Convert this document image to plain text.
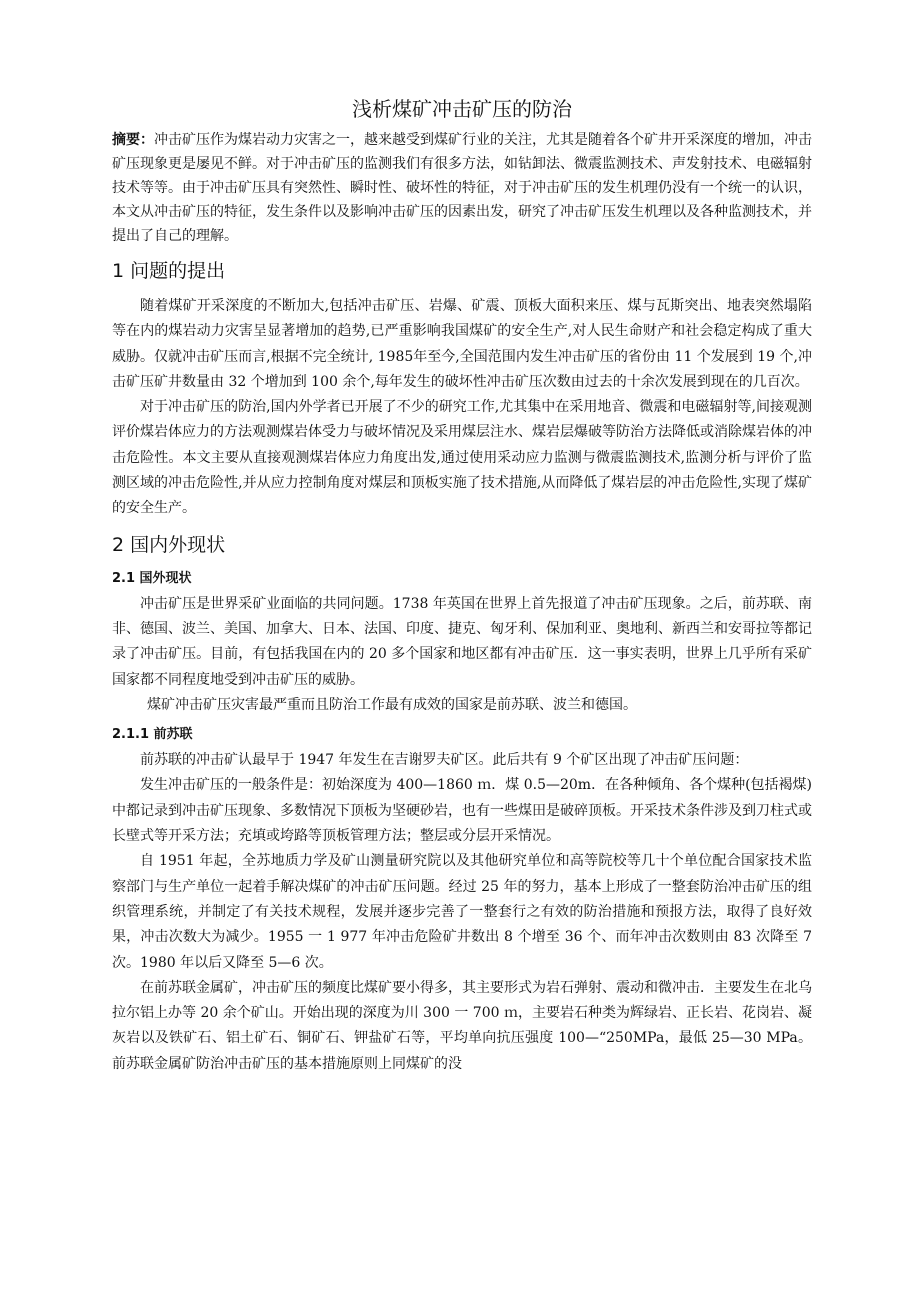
浅析煤矿冲击矿压的防治

摘要：冲击矿压作为煤岩动力灾害之一，越来越受到煤矿行业的关注，尤其是随着各个矿井开采深度的增加，冲击矿压现象更是屡见不鲜。对于冲击矿压的监测我们有很多方法，如钻卸法、微震监测技术、声发射技术、电磁辐射技术等等。由于冲击矿压具有突然性、瞬时性、破坏性的特征，对于冲击矿压的发生机理仍没有一个统一的认识，本文从冲击矿压的特征，发生条件以及影响冲击矿压的因素出发，研究了冲击矿压发生机理以及各种监测技术，并提出了自己的理解。

1 问题的提出

随着煤矿开采深度的不断加大,包括冲击矿压、岩爆、矿震、顶板大面积来压、煤与瓦斯突出、地表突然塌陷等在内的煤岩动力灾害呈显著增加的趋势,已严重影响我国煤矿的安全生产,对人民生命财产和社会稳定构成了重大威胁。仅就冲击矿压而言,根据不完全统计, 1985年至今,全国范围内发生冲击矿压的省份由 11 个发展到 19 个,冲击矿压矿井数量由 32 个增加到 100 余个,每年发生的破坏性冲击矿压次数由过去的十余次发展到现在的几百次。

对于冲击矿压的防治,国内外学者已开展了不少的研究工作,尤其集中在采用地音、微震和电磁辐射等,间接观测评价煤岩体应力的方法观测煤岩体受力与破坏情况及采用煤层注水、煤岩层爆破等防治方法降低或消除煤岩体的冲击危险性。本文主要从直接观测煤岩体应力角度出发,通过使用采动应力监测与微震监测技术,监测分析与评价了监测区域的冲击危险性,并从应力控制角度对煤层和顶板实施了技术措施,从而降低了煤岩层的冲击危险性,实现了煤矿的安全生产。

2 国内外现状
2.1 国外现状

冲击矿压是世界采矿业面临的共同问题。1738 年英国在世界上首先报道了冲击矿压现象。之后，前苏联、南非、德国、波兰、美国、加拿大、日本、法国、印度、捷克、匈牙利、保加利亚、奥地利、新西兰和安哥拉等都记录了冲击矿压。目前，有包括我国在内的 20 多个国家和地区都有冲击矿压．这一事实表明，世界上几乎所有采矿国家都不同程度地受到冲击矿压的威胁。

煤矿冲击矿压灾害最严重而且防治工作最有成效的国家是前苏联、波兰和德国。

2.1.1 前苏联

前苏联的冲击矿认最早于 1947 年发生在吉谢罗夫矿区。此后共有 9 个矿区出现了冲击矿压问题：

发生冲击矿压的一般条件是：初始深度为 400—1860 ｍ．煤 0.5—20m．在各种倾角、各个煤种(包括褐煤)中都记录到冲击矿压现象、多数情况下顶板为坚硬砂岩，也有一些煤田是破碎顶板。开采技术条件涉及到刀柱式或长壁式等开采方法；充填或垮路等顶板管理方法；整层或分层开采情况。

自 1951 年起，全苏地质力学及矿山测量研究院以及其他研究单位和高等院校等几十个单位配合国家技术监察部门与生产单位一起着手解决煤矿的冲击矿压问题。经过 25 年的努力，基本上形成了一整套防治冲击矿压的组织管理系统，并制定了有关技术规程，发展并逐步完善了一整套行之有效的防治措施和预报方法，取得了良好效果，冲击次数大为减少。1955 一 1 977 年冲击危险矿井数出 8 个增至 36 个、而年冲击次数则由 83 次降至 7 次。1980 年以后又降至 5—6 次。

在前苏联金属矿，冲击矿压的频度比煤矿要小得多，其主要形式为岩石弹射、震动和微冲击．主要发生在北乌拉尔铝上办等 20 余个矿山。开始出现的深度为川 300 一 700 ｍ，主要岩石种类为辉绿岩、正长岩、花岗岩、凝灰岩以及铁矿石、铝土矿石、铜矿石、钾盐矿石等，平均单向抗压强度 100—“250MPa，最低 25—30 MPa。前苏联金属矿防治冲击矿压的基本措施原则上同煤矿的没
